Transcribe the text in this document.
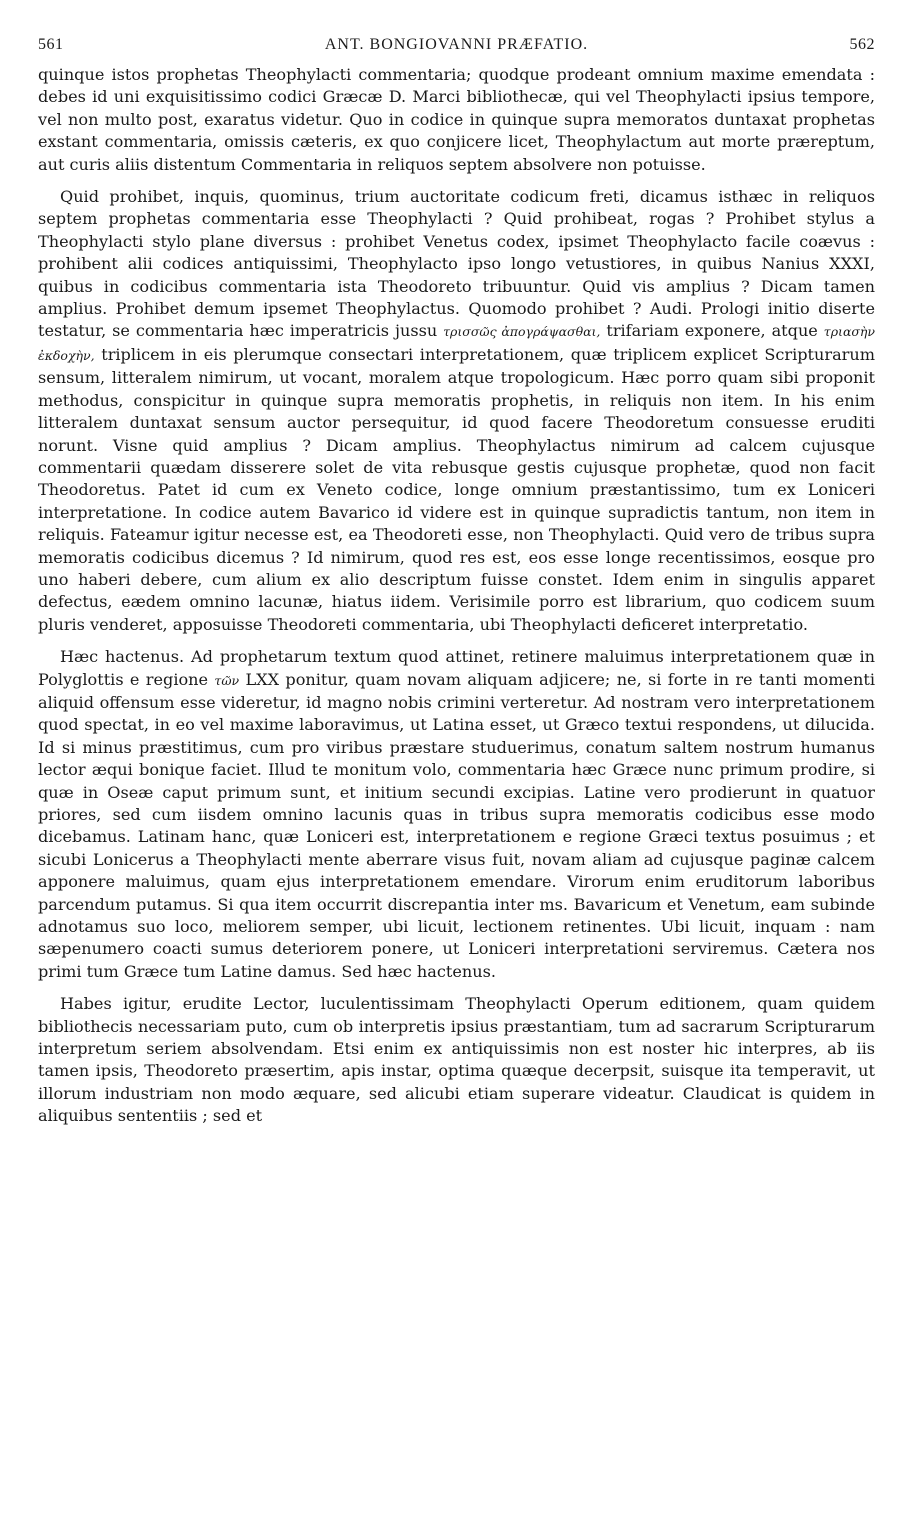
561	ANT. BONGIOVANNI PRÆFATIO.	562

quinque istos prophetas Theophylacti commentaria; quodque prodeant omnium maxime emendata : debes id uni exquisitissimo codici Græcæ D. Marci bibliothecæ, qui vel Theophylacti ipsius tempore, vel non multo post, exaratus videtur. Quo in codice in quinque supra memoratos duntaxat prophetas exstant commentaria, omissis cæteris, ex quo conjicere licet, Theophylactum aut morte præreptum, aut curis aliis distentum Commentaria in reliquos septem absolvere non potuisse.

Quid prohibet, inquis, quominus, trium auctoritate codicum freti, dicamus isthæc in reliquos septem prophetas commentaria esse Theophylacti ? Quid prohibeat, rogas ? Prohibet stylus a Theophylacti stylo plane diversus : prohibet Venetus codex, ipsimet Theophylacto facile coævus : prohibent alii codices antiquissimi, Theophylacto ipso longo vetustiores, in quibus Nanius XXXI, quibus in codicibus commentaria ista Theodoreto tribuuntur. Quid vis amplius ? Dicam tamen amplius. Prohibet demum ipsemet Theophylactus. Quomodo prohibet ? Audi. Prologi initio diserte testatur, se commentaria hæc imperatricis jussu τρισσῶς ἀπογράψασθαι, trifariam exponere, atque τριασὴν ἐκδοχὴν, triplicem in eis plerumque consectari interpretationem, quæ triplicem explicet Scripturarum sensum, litteralem nimirum, ut vocant, moralem atque tropologicum. Hæc porro quam sibi proponit methodus, conspicitur in quinque supra memoratis prophetis, in reliquis non item. In his enim litteralem duntaxat sensum auctor persequitur, id quod facere Theodoretum consuesse eruditi norunt. Visne quid amplius ? Dicam amplius. Theophylactus nimirum ad calcem cujusque commentarii quædam disserere solet de vita rebusque gestis cujusque prophetæ, quod non facit Theodoretus. Patet id cum ex Veneto codice, longe omnium præstantissimo, tum ex Loniceri interpretatione. In codice autem Bavarico id videre est in quinque supradictis tantum, non item in reliquis. Fateamur igitur necesse est, ea Theodoreti esse, non Theophylacti. Quid vero de tribus supra memoratis codicibus dicemus ? Id nimirum, quod res est, eos esse longe recentissimos, eosque pro uno haberi debere, cum alium ex alio descriptum fuisse constet. Idem enim in singulis apparet defectus, eædem omnino lacunæ, hiatus iidem. Verisimile porro est librarium, quo codicem suum pluris venderet, apposuisse Theodoreti commentaria, ubi Theophylacti deficeret interpretatio.

Hæc hactenus. Ad prophetarum textum quod attinet, retinere maluimus interpretationem quæ in Polyglottis e regione τῶν LXX ponitur, quam novam aliquam adjicere; ne, si forte in re tanti momenti aliquid offensum esse videretur, id magno nobis crimini verteretur. Ad nostram vero interpretationem quod spectat, in eo vel maxime laboravimus, ut Latina esset, ut Græco textui respondens, ut dilucida. Id si minus præstitimus, cum pro viribus præstare studuerimus, conatum saltem nostrum humanus lector æqui bonique faciet. Illud te monitum volo, commentaria hæc Græce nunc primum prodire, si quæ in Oseæ caput primum sunt, et initium secundi excipias. Latine vero prodierunt in quatuor priores, sed cum iisdem omnino lacunis quas in tribus supra memoratis codicibus esse modo dicebamus. Latinam hanc, quæ Loniceri est, interpretationem e regione Græci textus posuimus ; et sicubi Lonicerus a Theophylacti mente aberrare visus fuit, novam aliam ad cujusque paginæ calcem apponere maluimus, quam ejus interpretationem emendare. Virorum enim eruditorum laboribus parcendum putamus. Si qua item occurrit discrepantia inter ms. Bavaricum et Venetum, eam subinde adnotamus suo loco, meliorem semper, ubi licuit, lectionem retinentes. Ubi licuit, inquam : nam sæpenumero coacti sumus deteriorem ponere, ut Loniceri interpretationi serviremus. Cætera nos primi tum Græce tum Latine damus. Sed hæc hactenus.

Habes igitur, erudite Lector, luculentissimam Theophylacti Operum editionem, quam quidem bibliothecis necessariam puto, cum ob interpretis ipsius præstantiam, tum ad sacrarum Scripturarum interpretum seriem absolvendam. Etsi enim ex antiquissimis non est noster hic interpres, ab iis tamen ipsis, Theodoreto præsertim, apis instar, optima quæque decerpsit, suisque ita temperavit, ut illorum industriam non modo æquare, sed alicubi etiam superare videatur. Claudicat is quidem in aliquibus sententiis ; sed et
